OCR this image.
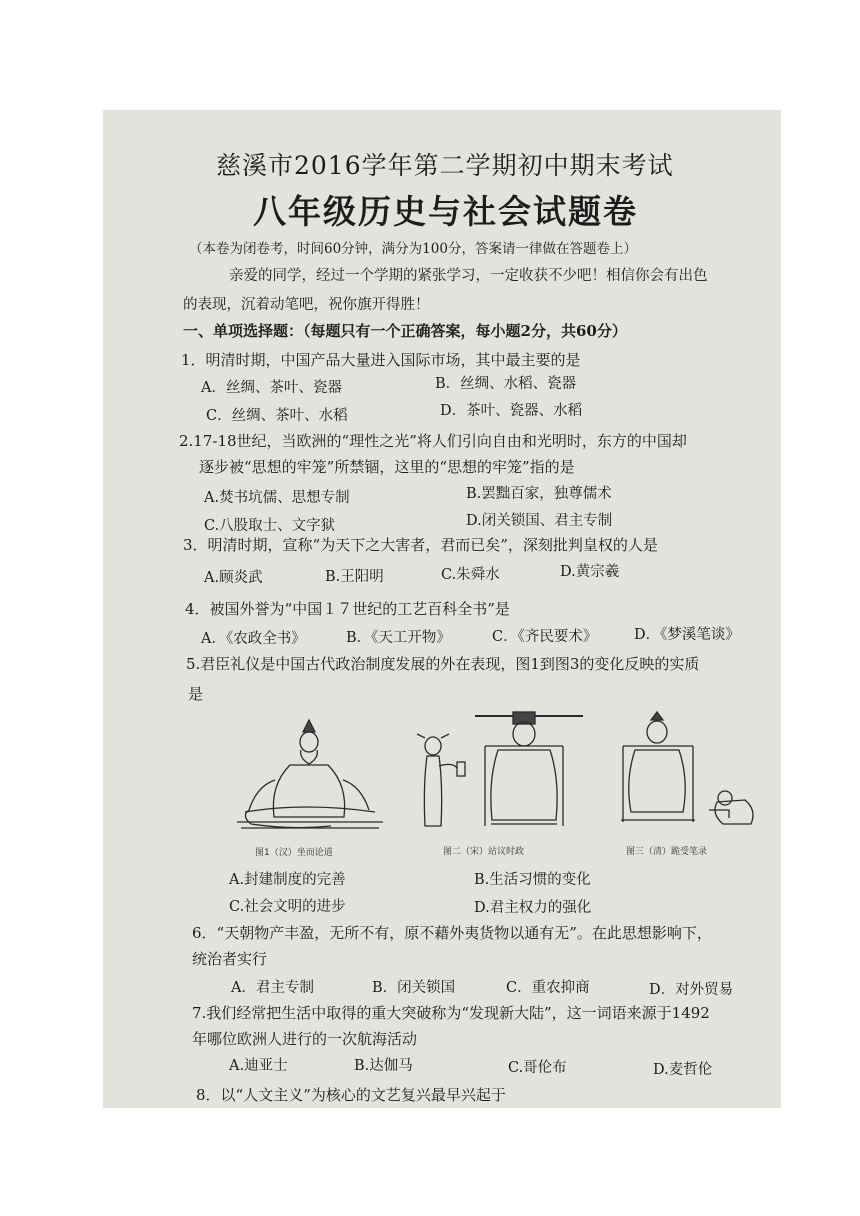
慈溪市2016学年第二学期初中期末考试
八年级历史与社会试题卷
（本卷为闭卷考，时间60分钟，满分为100分，答案请一律做在答题卷上）
亲爱的同学，经过一个学期的紧张学习，一定收获不少吧！相信你会有出色
的表现，沉着动笔吧，祝你旗开得胜！
一、单项选择题：（每题只有一个正确答案，每小题2分，共60分）
1．明清时期，中国产品大量进入国际市场，其中最主要的是
A．丝绸、茶叶、瓷器	B．丝绸、水稻、瓷器
C．丝绸、茶叶、水稻	D．茶叶、瓷器、水稻
2.17-18世纪，当欧洲的“理性之光”将人们引向自由和光明时，东方的中国却
逐步被“思想的牢笼”所禁锢，这里的“思想的牢笼”指的是
A.焚书坑儒、思想专制	B.罢黜百家，独尊儒术
C.八股取士、文字狱	D.闭关锁国、君主专制
3．明清时期，宣称“为天下之大害者，君而已矣”，深刻批判皇权的人是
A.顾炎武	B.王阳明	C.朱舜水	D.黄宗羲
4．被国外誉为“中国１７世纪的工艺百科全书”是
A．《农政全书》	B．《天工开物》	C．《齐民要术》	D．《梦溪笔谈》
5.君臣礼仪是中国古代政治制度发展的外在表现，图1到图3的变化反映的实质
是
图1（汉）坐而论道	图二（宋）站议时政	图三（清）跪受笔录
A.封建制度的完善	B.生活习惯的变化
C.社会文明的进步	D.君主权力的强化
6．“天朝物产丰盈，无所不有，原不藉外夷货物以通有无”。在此思想影响下，
统治者实行
A．君主专制	B．闭关锁国	C．重农抑商	D．对外贸易
7.我们经常把生活中取得的重大突破称为“发现新大陆”，这一词语来源于1492
年哪位欧洲人进行的一次航海活动
A.迪亚士	B.达伽马	C.哥伦布	D.麦哲伦
8．以“人文主义”为核心的文艺复兴最早兴起于
